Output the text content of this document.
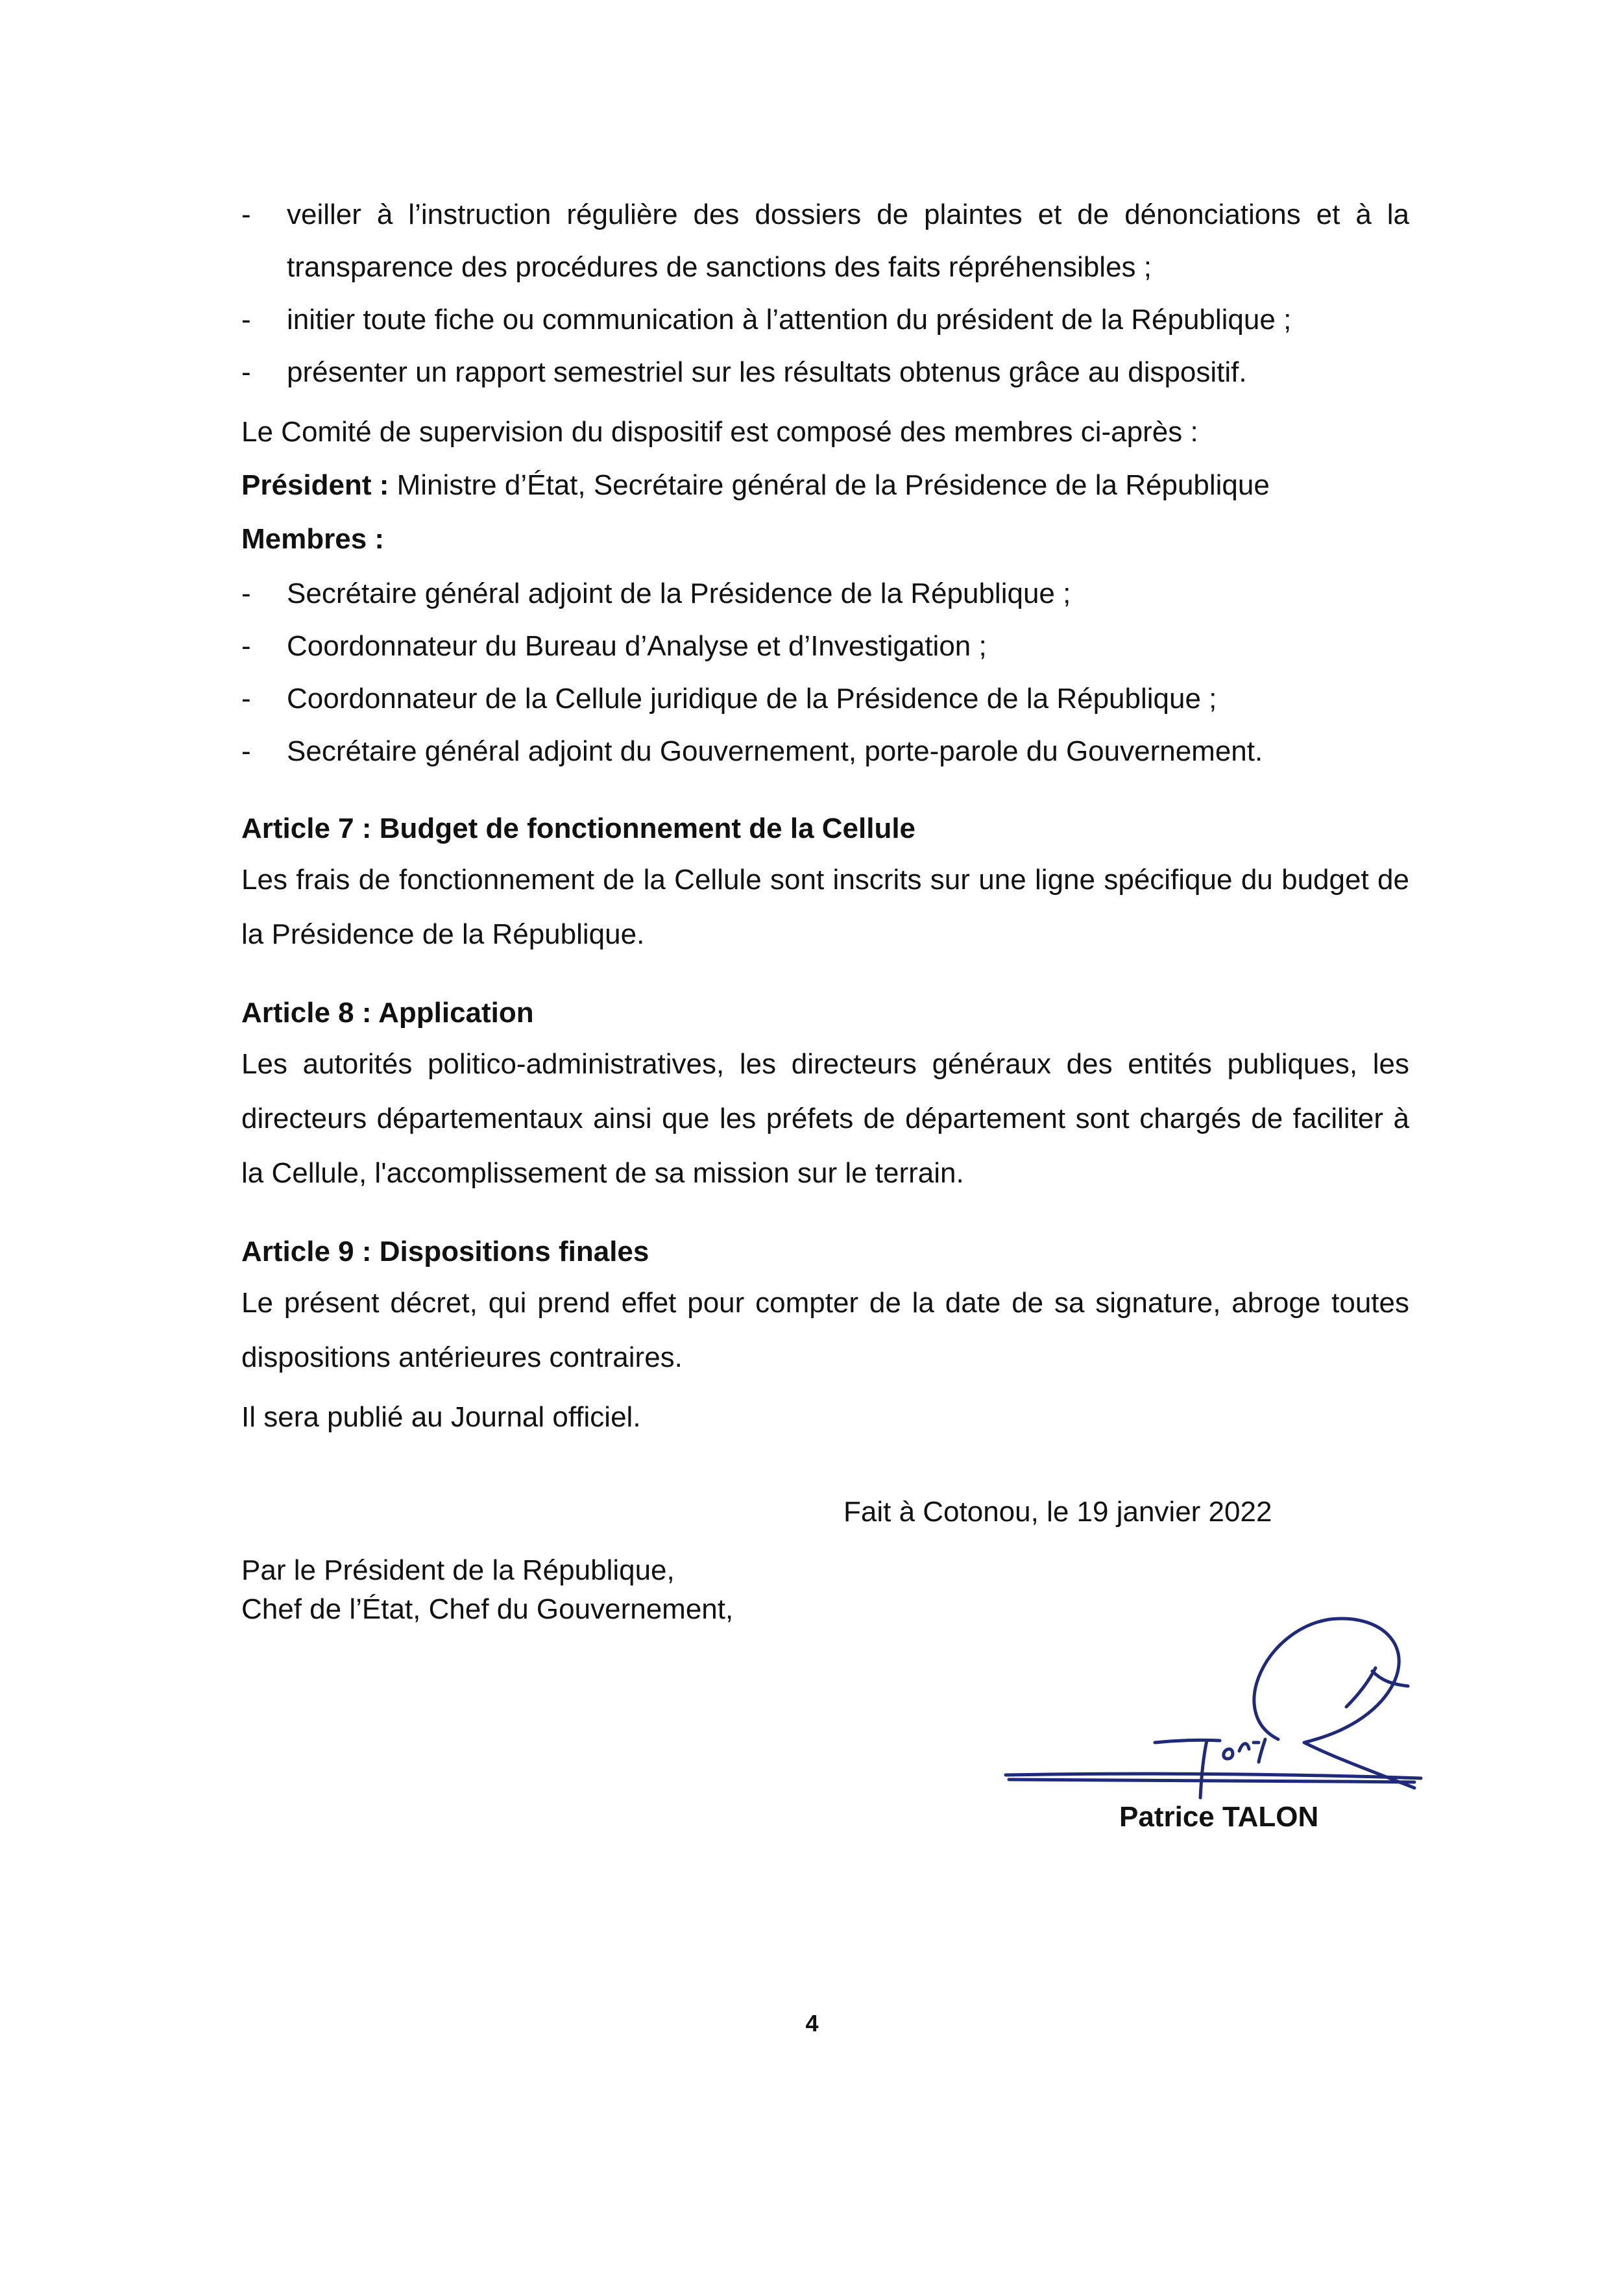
- veiller à l’instruction régulière des dossiers de plaintes et de dénonciations et à la transparence des procédures de sanctions des faits répréhensibles ;
- initier toute fiche ou communication à l’attention du président de la République ;
- présenter un rapport semestriel sur les résultats obtenus grâce au dispositif.

Le Comité de supervision du dispositif est composé des membres ci-après :

Président : Ministre d’État, Secrétaire général de la Présidence de la République

Membres :

- Secrétaire général adjoint de la Présidence de la République ;
- Coordonnateur du Bureau d’Analyse et d’Investigation ;
- Coordonnateur de la Cellule juridique de la Présidence de la République ;
- Secrétaire général adjoint du Gouvernement, porte-parole du Gouvernement.

Article 7 : Budget de fonctionnement de la Cellule

Les frais de fonctionnement de la Cellule sont inscrits sur une ligne spécifique du budget de la Présidence de la République.

Article 8 : Application

Les autorités politico-administratives, les directeurs généraux des entités publiques, les directeurs départementaux ainsi que les préfets de département sont chargés de faciliter à la Cellule, l'accomplissement de sa mission sur le terrain.

Article 9 : Dispositions finales

Le présent décret, qui prend effet pour compter de la date de sa signature, abroge toutes dispositions antérieures contraires.

Il sera publié au Journal officiel.

Fait à Cotonou, le 19 janvier 2022
Par le Président de la République,
Chef de l’État, Chef du Gouvernement,
Patrice TALON
4
